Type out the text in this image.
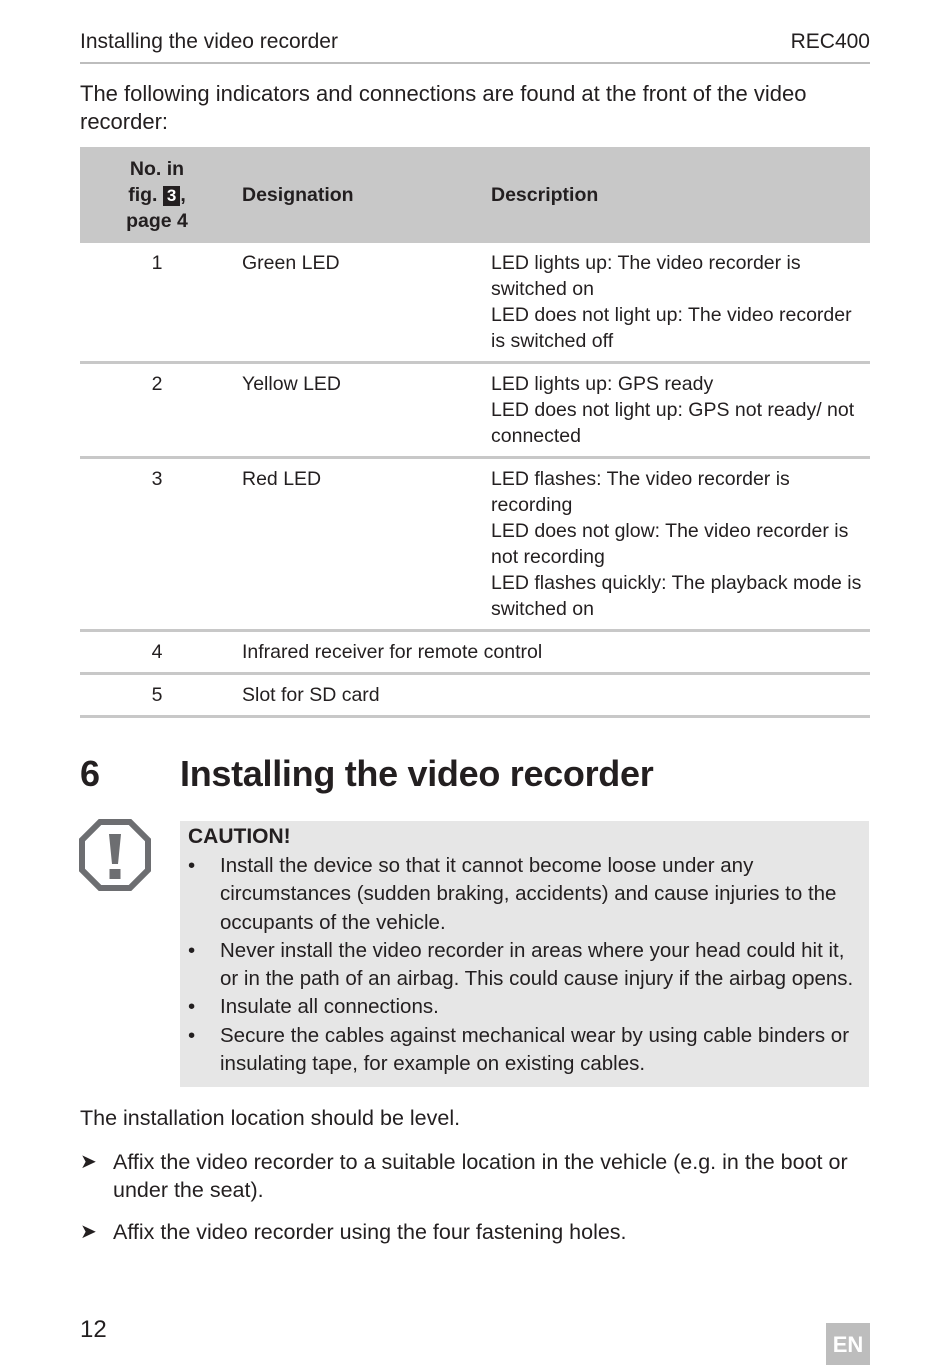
Installing the video recorder	REC400
The following indicators and connections are found at the front of the video recorder:
No. in
fig. 3 ,
page 4	Designation	Description
1	Green LED	LED lights up: The video recorder is switched on
LED does not light up: The video recorder is switched off

2	Yellow LED	LED lights up: GPS ready
LED does not light up: GPS not ready/ not connected

3	Red LED	LED flashes: The video recorder is recording
LED does not glow: The video recorder is not recording
LED flashes quickly: The playback mode is switched on

4	Infrared receiver for remote control	
5	Slot for SD card	
6 Installing the video recorder
CAUTION!
• Install the device so that it cannot become loose under any circumstances (sudden braking, accidents) and cause injuries to the occupants of the vehicle.
• Never install the video recorder in areas where your head could hit it, or in the path of an airbag. This could cause injury if the airbag opens.
• Insulate all connections.
• Secure the cables against mechanical wear by using cable binders or insulating tape, for example on existing cables.
The installation location should be level.
➤ Affix the video recorder to a suitable location in the vehicle (e.g. in the boot or under the seat).
➤ Affix the video recorder using the four fastening holes.
12
EN
